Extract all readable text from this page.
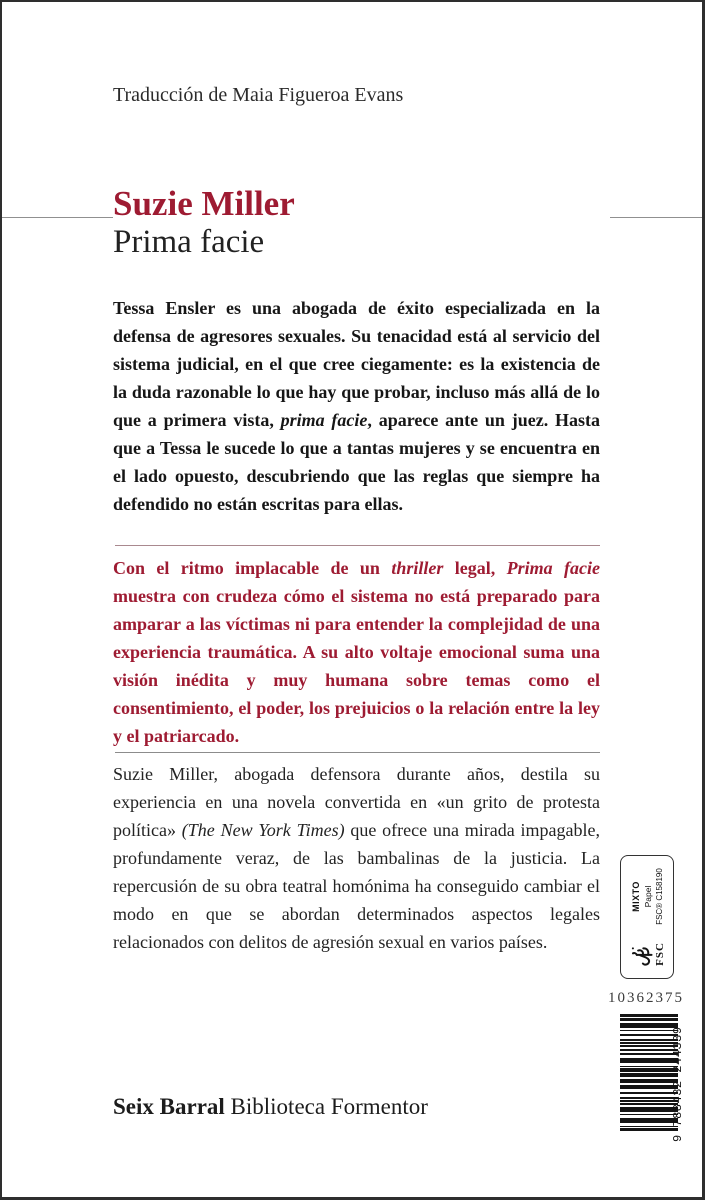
Traducción de Maia Figueroa Evans
Suzie Miller
Prima facie

Tessa Ensler es una abogada de éxito especializada en la defensa de agresores sexuales. Su tenacidad está al servicio del sistema judicial, en el que cree ciegamente: es la existencia de la duda razonable lo que hay que probar, incluso más allá de lo que a primera vista, prima facie, aparece ante un juez. Hasta que a Tessa le sucede lo que a tantas mujeres y se encuentra en el lado opuesto, descubriendo que las reglas que siempre ha defendido no están escritas para ellas.

Con el ritmo implacable de un thriller legal, Prima facie muestra con crudeza cómo el sistema no está preparado para amparar a las víctimas ni para entender la complejidad de una experiencia traumática. A su alto voltaje emocional suma una visión inédita y muy humana sobre temas como el consentimiento, el poder, los prejuicios o la relación entre la ley y el patriarcado.

Suzie Miller, abogada defensora durante años, destila su experiencia en una novela convertida en «un grito de protesta política» (The New York Times) que ofrece una mirada impagable, profundamente veraz, de las bambalinas de la justicia. La repercusión de su obra teatral homónima ha conseguido cambiar el modo en que se abordan determinados aspectos legales relacionados con delitos de agresión sexual en varios países.

FSC
MIXTO Papel FSC® C158190
10362375
9 788432 244339
Seix Barral Biblioteca Formentor
